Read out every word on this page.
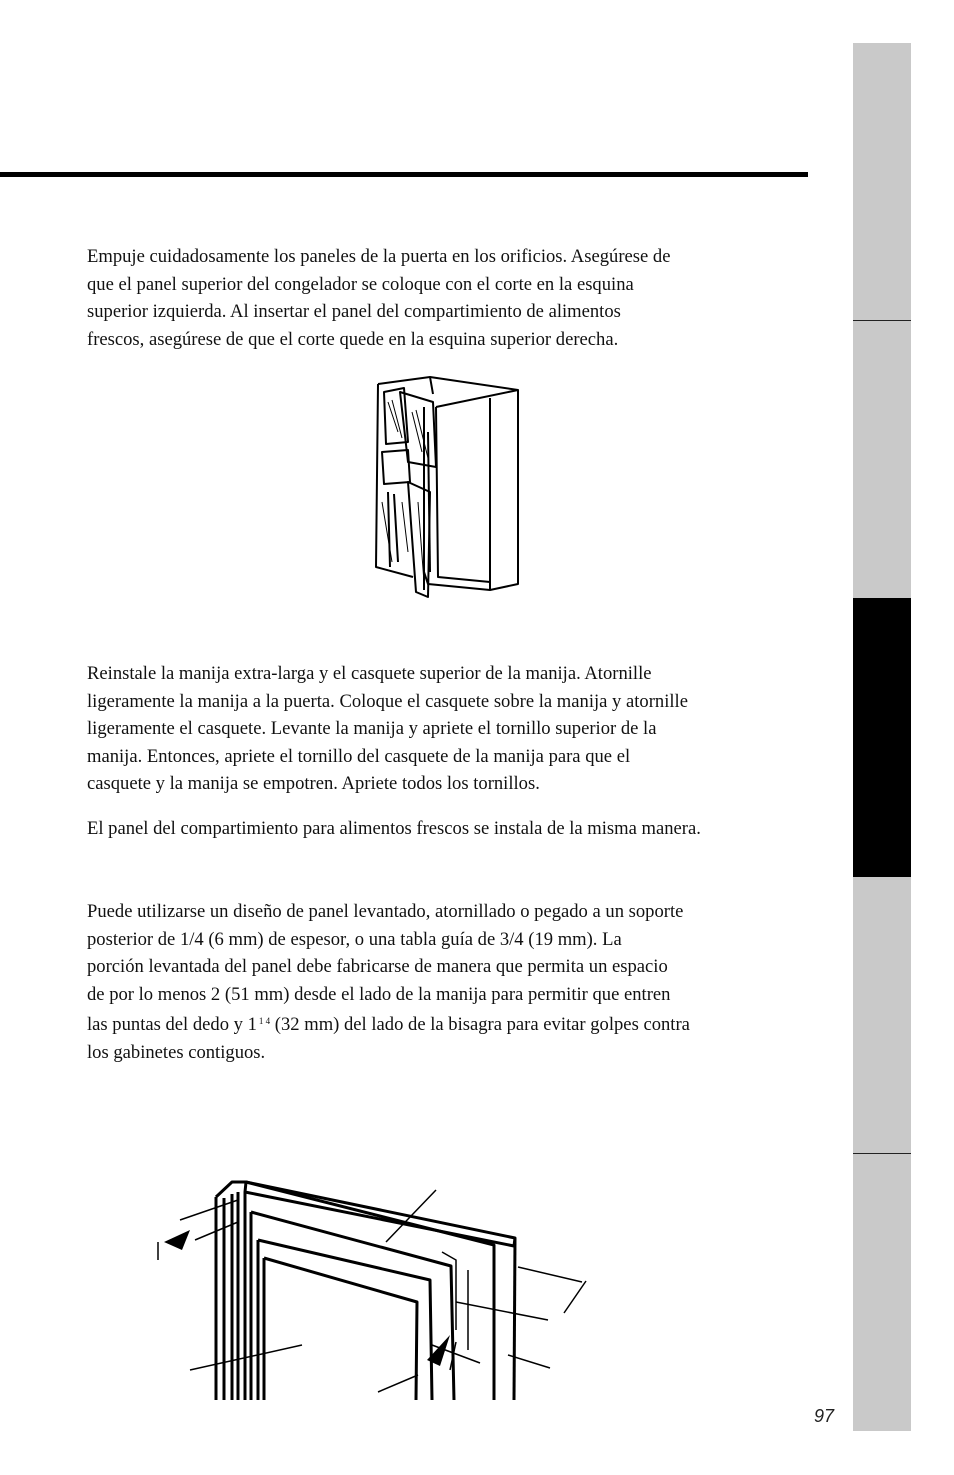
Empuje cuidadosamente los paneles de la puerta en los orificios. Asegúrese de
que el panel superior del congelador se coloque con el corte en la esquina
superior izquierda. Al insertar el panel del compartimiento de alimentos
frescos, asegúrese de que el corte quede en la esquina superior derecha.

Reinstale la manija extra-larga y el casquete superior de la manija. Atornille
ligeramente la manija a la puerta. Coloque el casquete sobre la manija y atornille
ligeramente el casquete. Levante la manija y apriete el tornillo superior de la
manija. Entonces, apriete el tornillo del casquete de la manija para que el
casquete y la manija se empotren. Apriete todos los tornillos.

El panel del compartimiento para alimentos frescos se instala de la misma manera.

Puede utilizarse un diseño de panel levantado, atornillado o pegado a un soporte
posterior de 1/4 (6 mm) de espesor, o una tabla guía de 3/4 (19 mm). La
porción levantada del panel debe fabricarse de manera que permita un espacio
de por lo menos 2 (51 mm) desde el lado de la manija para permitir que entren
las puntas del dedo y 1 $^{1 4}$ (32 mm) del lado de la bisagra para evitar golpes contra
los gabinetes contiguos.

97
